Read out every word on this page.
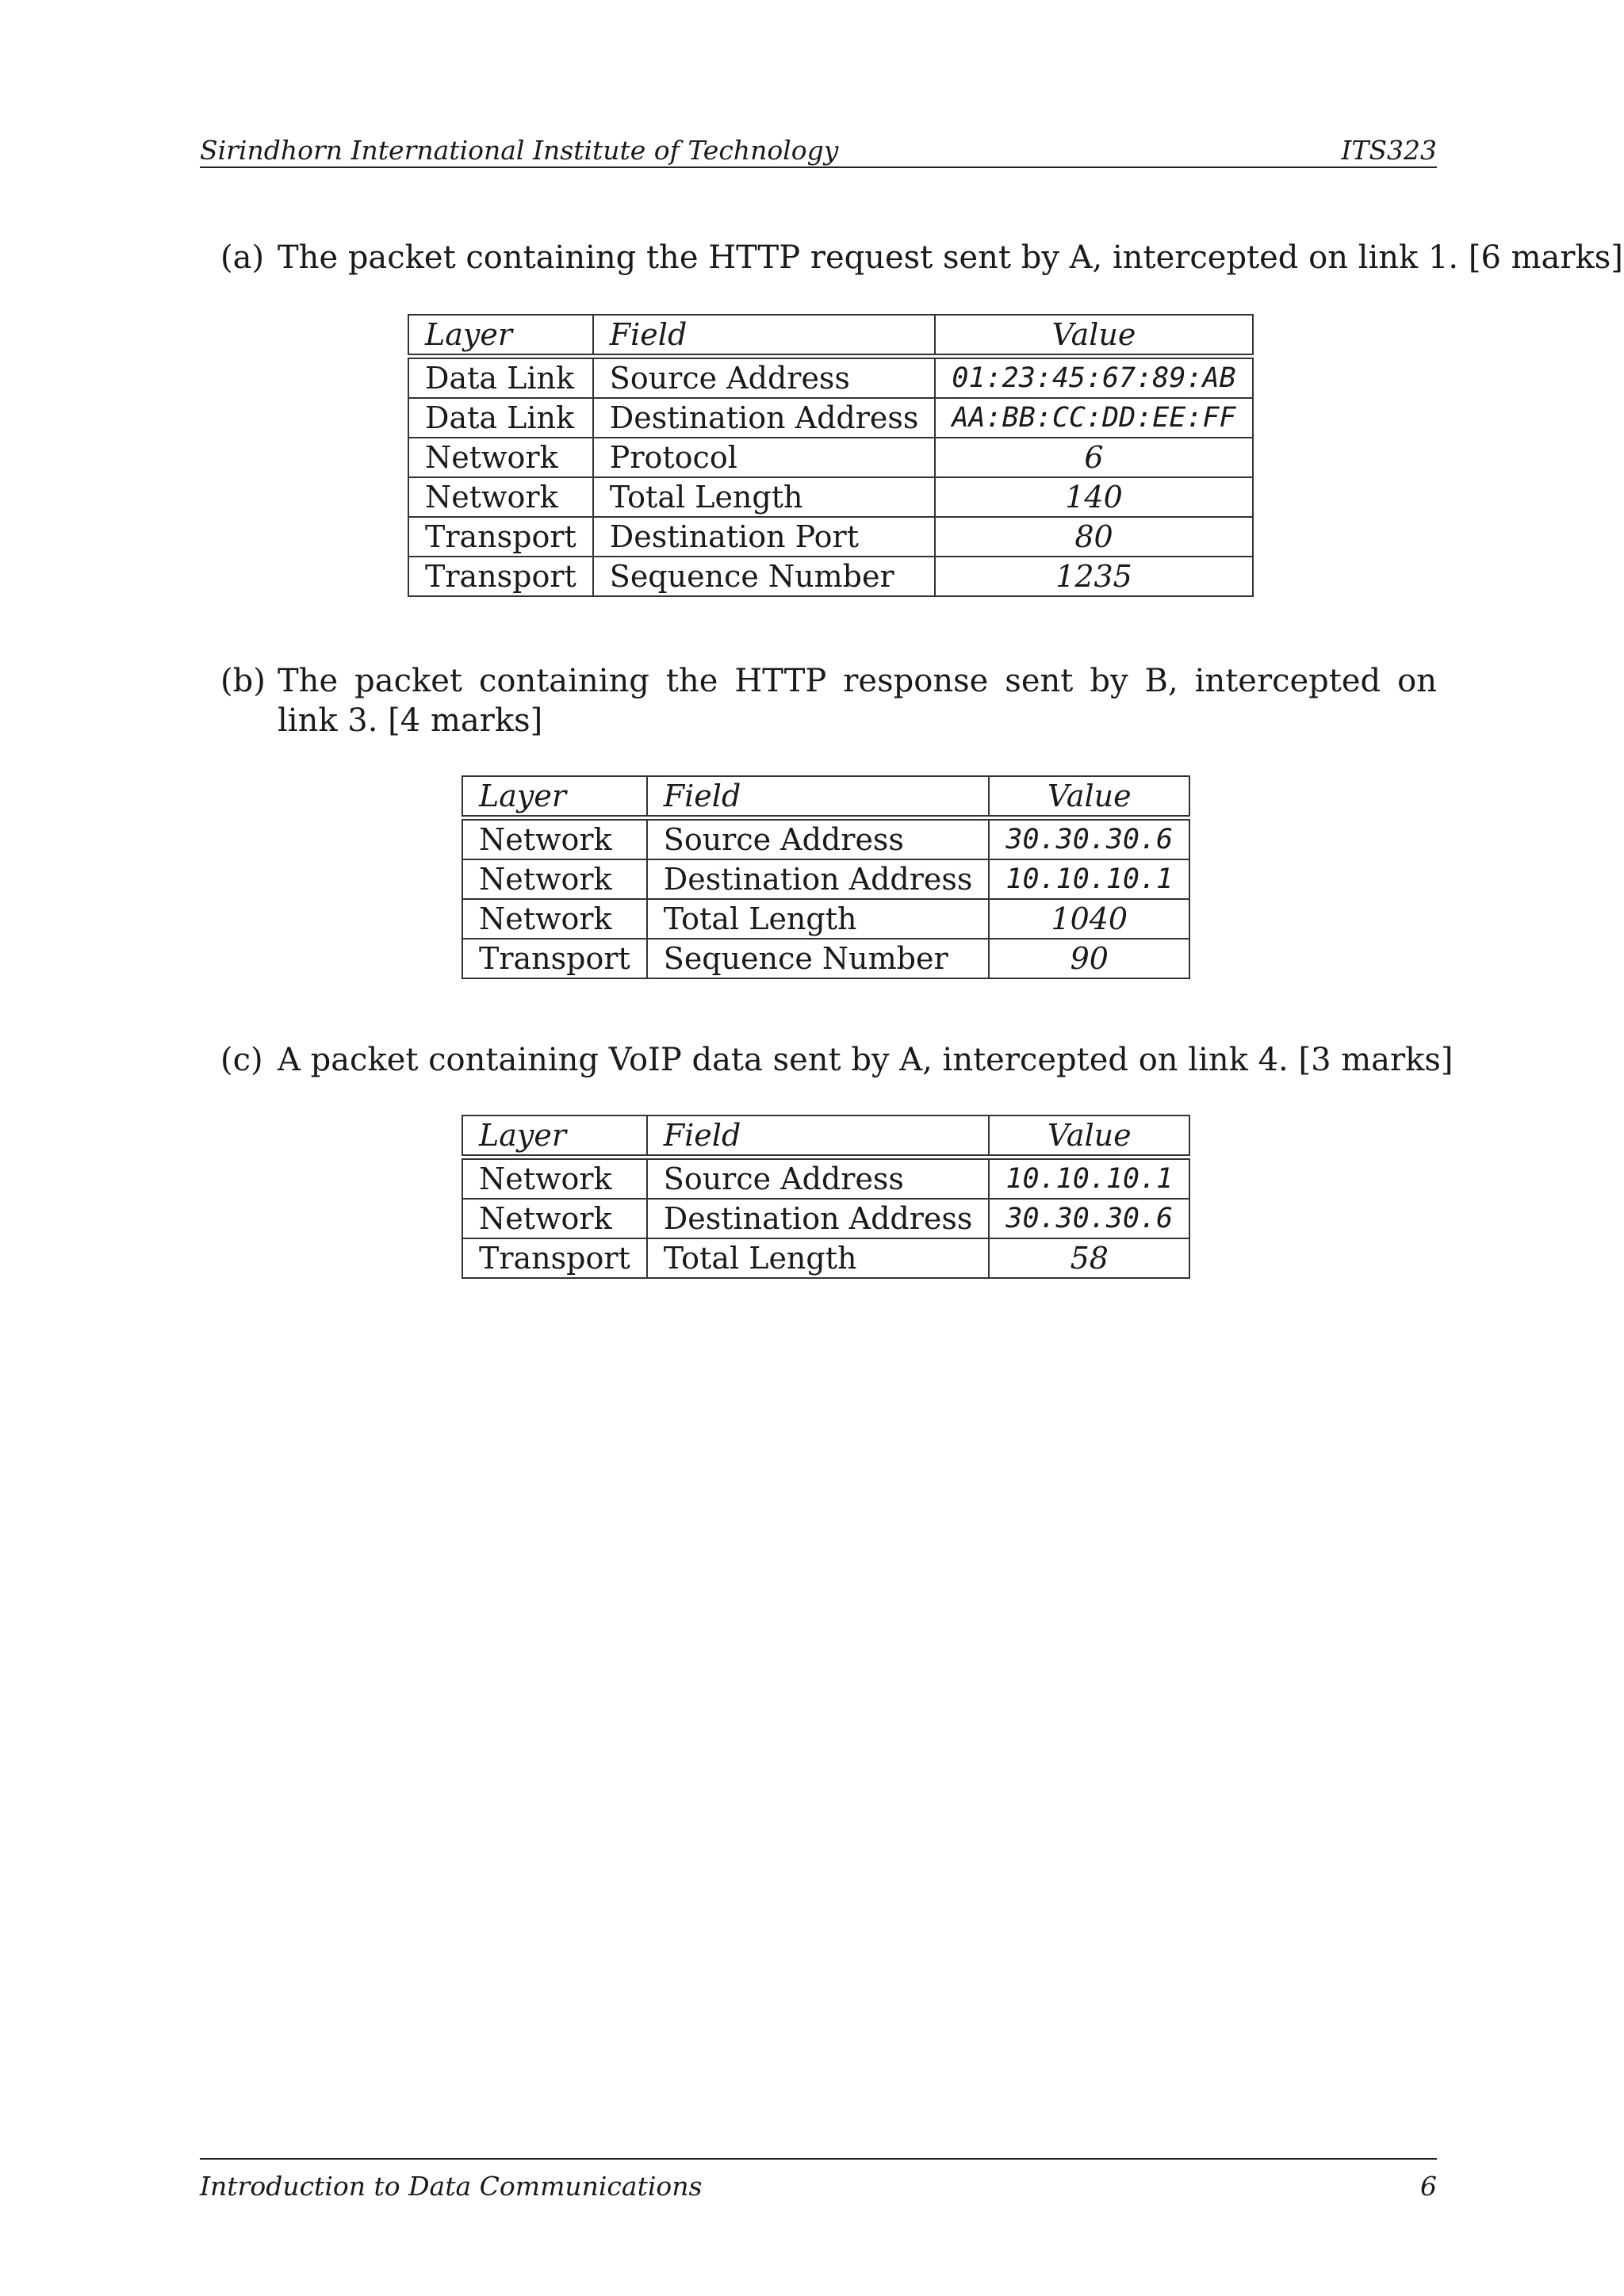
Sirindhorn International Institute of Technology	ITS323
(a) The packet containing the HTTP request sent by A, intercepted on link 1. [6 marks]
Layer	Field	Value
Data Link	Source Address	01:23:45:67:89:AB
Data Link	Destination Address	AA:BB:CC:DD:EE:FF
Network	Protocol	6
Network	Total Length	140
Transport	Destination Port	80
Transport	Sequence Number	1235
(b) The packet containing the HTTP response sent by B, intercepted on link 3. [4 marks]
Layer	Field	Value
Network	Source Address	30.30.30.6
Network	Destination Address	10.10.10.1
Network	Total Length	1040
Transport	Sequence Number	90
(c) A packet containing VoIP data sent by A, intercepted on link 4. [3 marks]
Layer	Field	Value
Network	Source Address	10.10.10.1
Network	Destination Address	30.30.30.6
Transport	Total Length	58
Introduction to Data Communications	6
